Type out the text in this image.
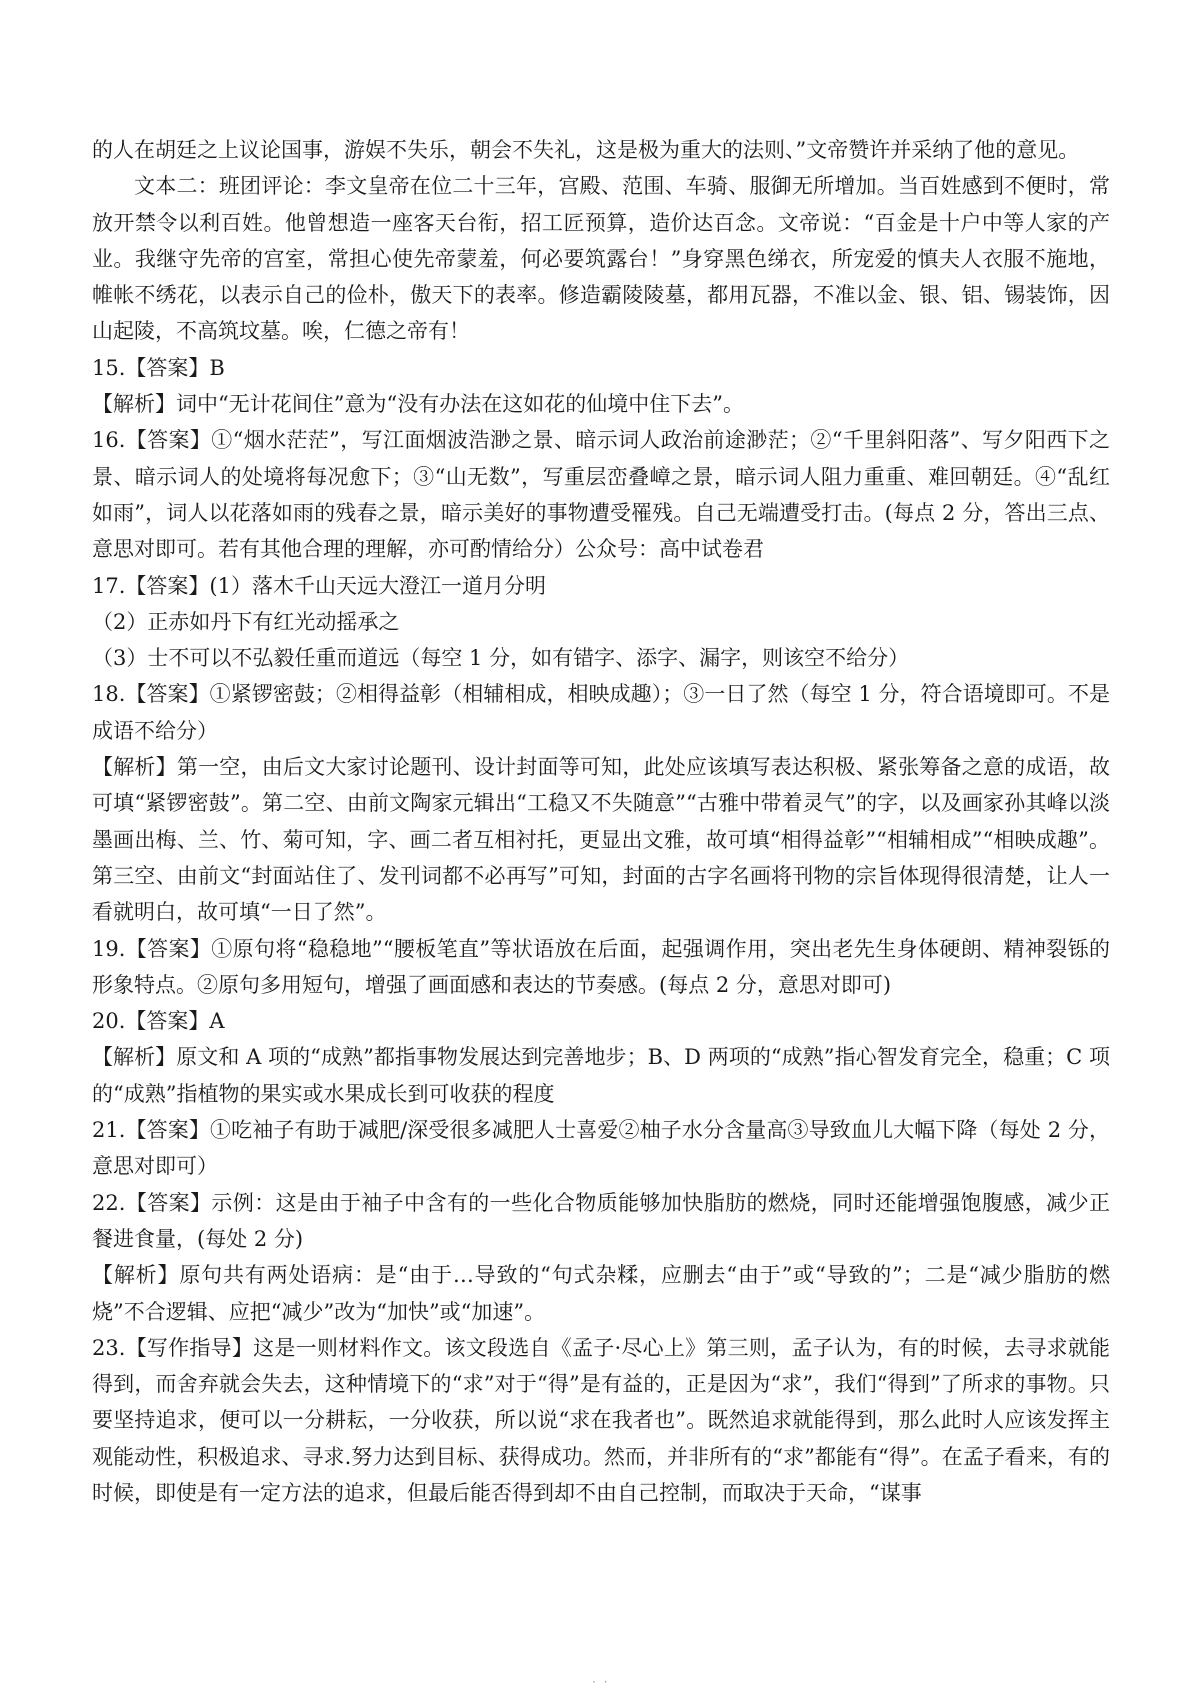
的人在胡廷之上议论国事，游娱不失乐，朝会不失礼，这是极为重大的法则、”文帝赞许并采纳了他的意见。

文本二：班团评论：李文皇帝在位二十三年，宫殿、范围、车骑、服御无所增加。当百姓感到不便时，常放开禁令以利百姓。他曾想造一座客天台衔，招工匠预算，造价达百念。文帝说：“百金是十户中等人家的产业。我继守先帝的宫室，常担心使先帝蒙羞，何必要筑露台！”身穿黑色绨衣，所宠爱的慎夫人衣服不施地，帷帐不绣花，以表示自己的俭朴，傲天下的表率。修造霸陵陵墓，都用瓦器，不准以金、银、铝、锡装饰，因山起陵，不高筑坟墓。唉，仁德之帝有！

15.【答案】B

【解析】词中“无计花间住”意为“没有办法在这如花的仙境中住下去”。

16.【答案】①“烟水茫茫”，写江面烟波浩渺之景、暗示词人政治前途渺茫；②“千里斜阳落”、写夕阳西下之景、暗示词人的处境将每况愈下；③“山无数”，写重层峦叠嶂之景，暗示词人阻力重重、难回朝廷。④“乱红如雨”，词人以花落如雨的残春之景，暗示美好的事物遭受罹残。自己无端遭受打击。(每点 2 分，答出三点、意思对即可。若有其他合理的理解，亦可酌情给分）公众号：高中试卷君

17.【答案】(1）落木千山天远大澄江一道月分明

（2）正赤如丹下有红光动摇承之

（3）士不可以不弘毅任重而道远（每空 1 分，如有错字、添字、漏字，则该空不给分）

18.【答案】①紧锣密鼓；②相得益彰（相辅相成，相映成趣）；③一日了然（每空 1 分，符合语境即可。不是成语不给分）

【解析】第一空，由后文大家讨论题刊、设计封面等可知，此处应该填写表达积极、紧张筹备之意的成语，故可填“紧锣密鼓”。第二空、由前文陶家元辑出“工稳又不失随意”“古雅中带着灵气”的字，以及画家孙其峰以淡墨画出梅、兰、竹、菊可知，字、画二者互相衬托，更显出文雅，故可填“相得益彰”“相辅相成”“相映成趣”。第三空、由前文“封面站住了、发刊词都不必再写”可知，封面的古字名画将刊物的宗旨体现得很清楚，让人一看就明白，故可填“一日了然”。

19.【答案】①原句将“稳稳地”“腰板笔直”等状语放在后面，起强调作用，突出老先生身体硬朗、精神裂铄的形象特点。②原句多用短句，增强了画面感和表达的节奏感。(每点 2 分，意思对即可)

20.【答案】A

【解析】原文和 A 项的“成熟”都指事物发展达到完善地步；B、D 两项的“成熟”指心智发育完全，稳重；C 项的“成熟”指植物的果实或水果成长到可收获的程度

21.【答案】①吃袖子有助于减肥/深受很多减肥人士喜爱②柚子水分含量高③导致血儿大幅下降（每处 2 分，意思对即可）

22.【答案】示例：这是由于袖子中含有的一些化合物质能够加快脂肪的燃烧，同时还能增强饱腹感，减少正餐进食量，(每处 2 分)

【解析】原句共有两处语病：是“由于…导致的“句式杂糅，应删去“由于”或“导致的”；二是“减少脂肪的燃烧”不合逻辑、应把“减少”改为“加快”或“加速”。

23.【写作指导】这是一则材料作文。该文段选自《孟子·尽心上》第三则，孟子认为，有的时候，去寻求就能得到，而舍弃就会失去，这种情境下的“求”对于“得”是有益的，正是因为“求”，我们“得到”了所求的事物。只要坚持追求，便可以一分耕耘，一分收获，所以说“求在我者也”。既然追求就能得到，那么此时人应该发挥主观能动性，积极追求、寻求.努力达到目标、获得成功。然而，并非所有的“求”都能有“得”。在孟子看来，有的时候，即使是有一定方法的追求，但最后能否得到却不由自己控制，而取决于天命，“谋事

· ·
